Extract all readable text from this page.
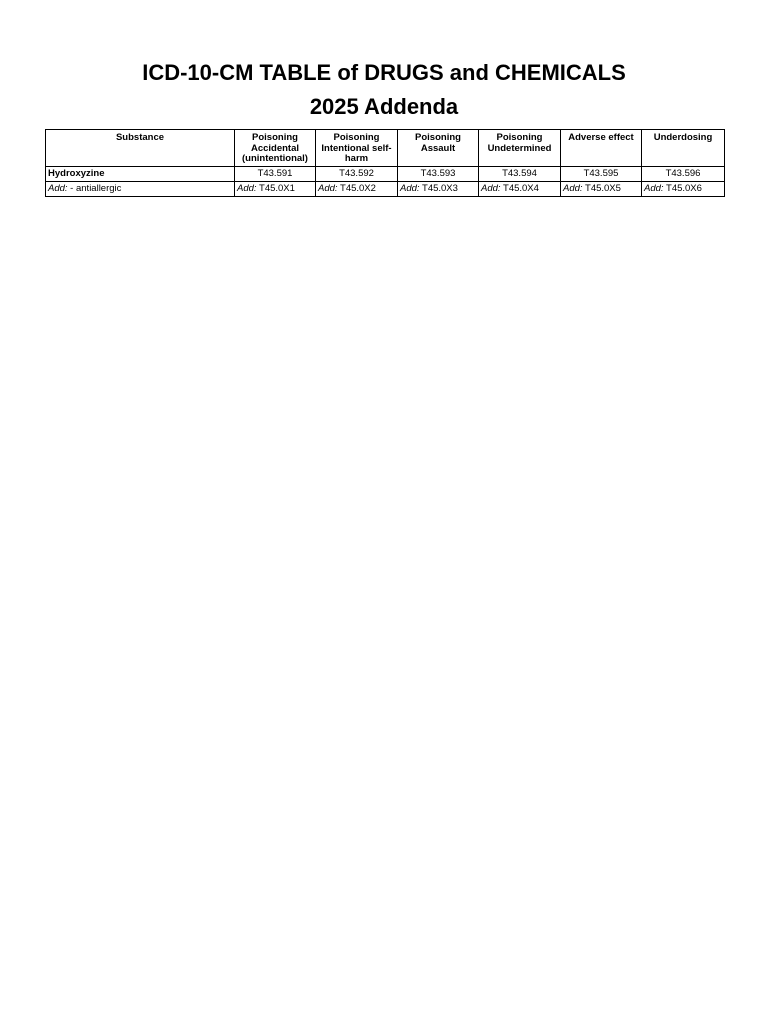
ICD-10-CM TABLE of DRUGS and CHEMICALS
2025 Addenda
Substance	Poisoning Accidental (unintentional)	Poisoning Intentional self-harm	Poisoning Assault	Poisoning Undetermined	Adverse effect	Underdosing
Hydroxyzine	T43.591	T43.592	T43.593	T43.594	T43.595	T43.596
Add: - antiallergic	Add: T45.0X1	Add: T45.0X2	Add: T45.0X3	Add: T45.0X4	Add: T45.0X5	Add: T45.0X6
